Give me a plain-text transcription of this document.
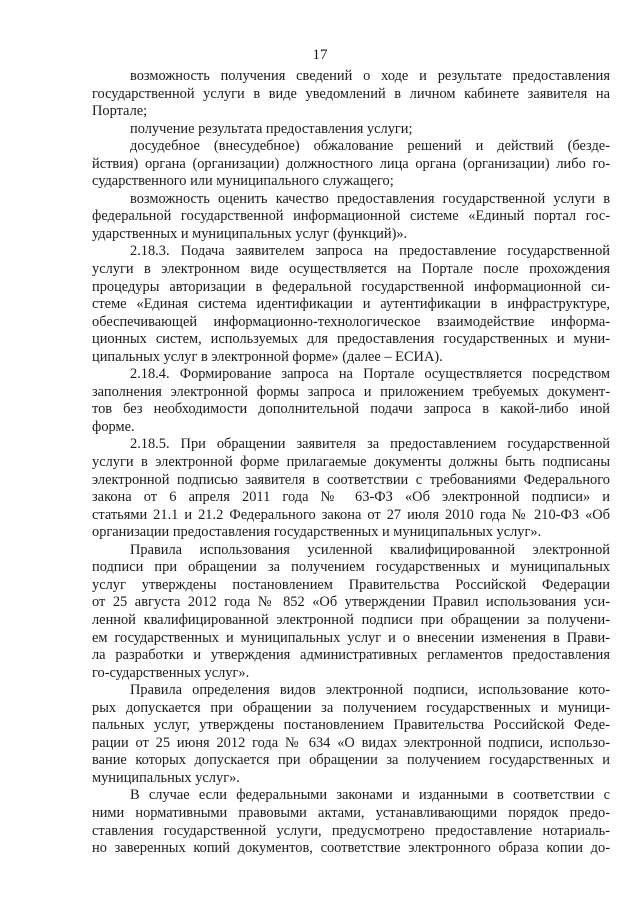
17

возможность получения сведений о ходе и результате предоставления
государственной услуги в виде уведомлений в личном кабинете заявителя на
Портале;

получение результата предоставления услуги;

досудебное (внесудебное) обжалование решений и действий (безде-
йствия) органа (организации) должностного лица органа (организации) либо го-
сударственного или муниципального служащего;

возможность оценить качество предоставления государственной услуги в
федеральной государственной информационной системе «Единый портал гос-
ударственных и муниципальных услуг (функций)».

2.18.3. Подача заявителем запроса на предоставление государственной
услуги в электронном виде осуществляется на Портале после прохождения
процедуры авторизации в федеральной государственной информационной си-
стеме «Единая система идентификации и аутентификации в инфраструктуре,
обеспечивающей информационно-технологическое взаимодействие информа-
ционных систем, используемых для предоставления государственных и муни-
ципальных услуг в электронной форме» (далее – ЕСИА).

2.18.4. Формирование запроса на Портале осуществляется посредством
заполнения электронной формы запроса и приложением требуемых документ-
тов без необходимости дополнительной подачи запроса в какой-либо иной
форме.

2.18.5. При обращении заявителя за предоставлением государственной
услуги в электронной форме прилагаемые документы должны быть подписаны
электронной подписью заявителя в соответствии с требованиями Федерального
закона от 6 апреля 2011 года № 63-ФЗ «Об электронной подписи» и
статьями 21.1 и 21.2 Федерального закона от 27 июля 2010 года № 210-ФЗ «Об
организации предоставления государственных и муниципальных услуг».

Правила использования усиленной квалифицированной электронной
подписи при обращении за получением государственных и муниципальных
услуг утверждены постановлением Правительства Российской Федерации
от 25 августа 2012 года № 852 «Об утверждении Правил использования уси-
ленной квалифицированной электронной подписи при обращении за получени-
ем государственных и муниципальных услуг и о внесении изменения в Прави-
ла разработки и утверждения административных регламентов предоставления
го-сударственных услуг».

Правила определения видов электронной подписи, использование кото-
рых допускается при обращении за получением государственных и муници-
пальных услуг, утверждены постановлением Правительства Российской Феде-
рации от 25 июня 2012 года № 634 «О видах электронной подписи, использо-
вание которых допускается при обращении за получением государственных и
муниципальных услуг».

В случае если федеральными законами и изданными в соответствии с
ними нормативными правовыми актами, устанавливающими порядок предо-
ставления государственной услуги, предусмотрено предоставление нотариаль-
но заверенных копий документов, соответствие электронного образа копии до-
